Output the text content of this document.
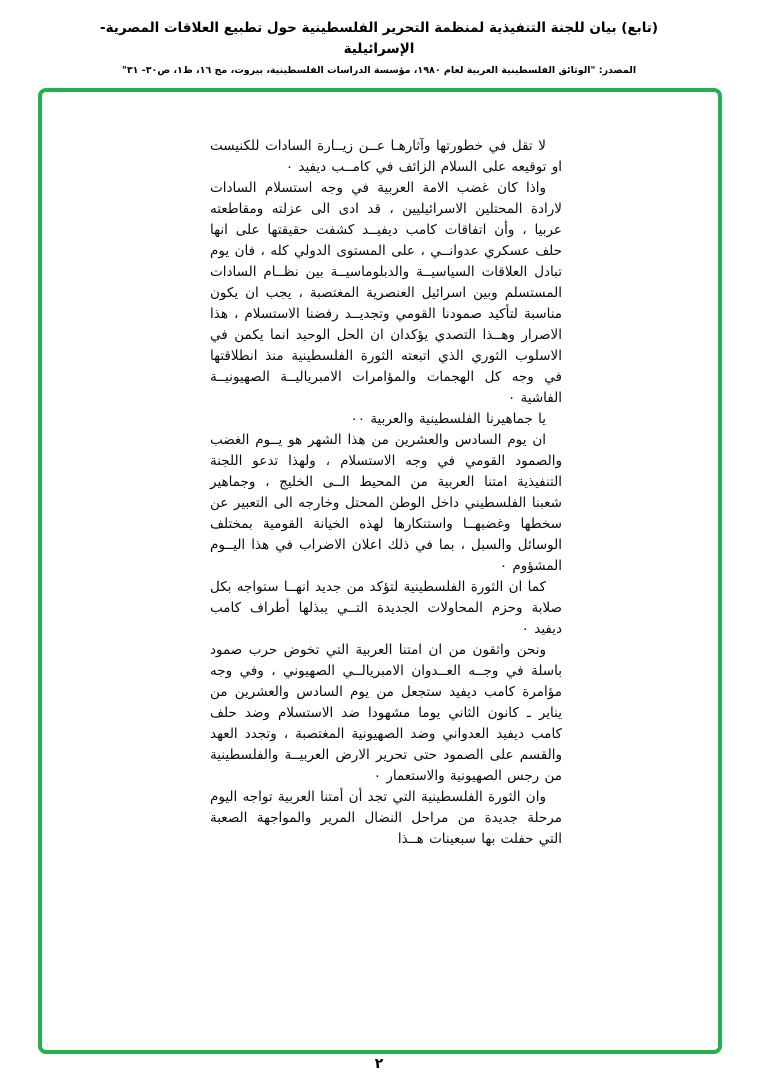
(تابع) بيان للجنة التنفيذية لمنظمة التحرير الفلسطينية حول تطبيع العلاقات المصرية- الإسرائيلية
المصدر: "الوثائق الفلسطينية العربية لعام ١٩٨٠، مؤسسة الدراسات الفلسطينية، بيروت، مج ١٦، ط١، ص٣٠- ٣١"

لا تقل في خطورتها وآثارهـا عــن زيــارة السادات للكنيست او توقيعه على السلام الزائف في كامــب ديفيد ٠

واذا كان غضب الامة العربية في وجه استسلام السادات لارادة المحتلين الاسرائيليين ، قد ادى الى عزلته ومقاطعته عربيا ، وأن اتفاقات كامب ديفيــد كشفت حقيقتها على انها حلف عسكري عدوانــي ، على المستوى الدولي كله ، فان يوم تبادل العلاقات السياسيــة والدبلوماسيــة بين نظــام السادات المستسلم وبين اسرائيل العنصرية المغتصبة ، يجب ان يكون مناسبة لتأكيد صمودنا القومي وتجديــد رفضنا الاستسلام ، هذا الاصرار وهــذا التصدي يؤكدان ان الحل الوحيد انما يكمن في الاسلوب الثوري الذي اتبعته الثورة الفلسطينية منذ انطلاقتها في وجه كل الهجمات والمؤامرات الامبرياليــة الصهيونيــة الفاشية ٠

يا جماهيرنا الفلسطينية والعربية ٠٠

ان يوم السادس والعشرين من هذا الشهر هو يــوم الغضب والصمود القومي في وجه الاستسلام ، ولهذا تدعو اللجنة التنفيذية امتنا العربية من المحيط الــى الخليج ، وجماهير شعبنا الفلسطيني داخل الوطن المحتل وخارجه الى التعبير عن سخطها وغضبهــا واستنكارها لهذه الخيانة القومية بمختلف الوسائل والسبل ، بما في ذلك اعلان الاضراب في هذا اليــوم المشؤوم ٠

كما ان الثورة الفلسطينية لتؤكد من جديد انهــا ستواجه بكل صلابة وحزم المحاولات الجديدة التــي يبذلها أطراف كامب ديفيد ٠

ونحن واثقون من ان امتنا العربية التي تخوض حرب صمود باسلة في وجــه العــدوان الامبريالــي الصهيوني ، وفي وجه مؤامرة كامب ديفيد ستجعل من يوم السادس والعشرين من يناير ـ كانون الثاني يوما مشهودا ضد الاستسلام وضد حلف كامب ديفيد العدواني وضد الصهيونية المغتصبة ، وتجدد العهد والقسم على الصمود حتى تحرير الارض العربيــة والفلسطينية من رجس الصهيونية والاستعمار ٠

وان الثورة الفلسطينية التي تجد أن أمتنا العربية تواجه اليوم مرحلة جديدة من مراحل النضال المرير والمواجهة الصعبة التي حفلت بها سبعينات هــذا

٢
